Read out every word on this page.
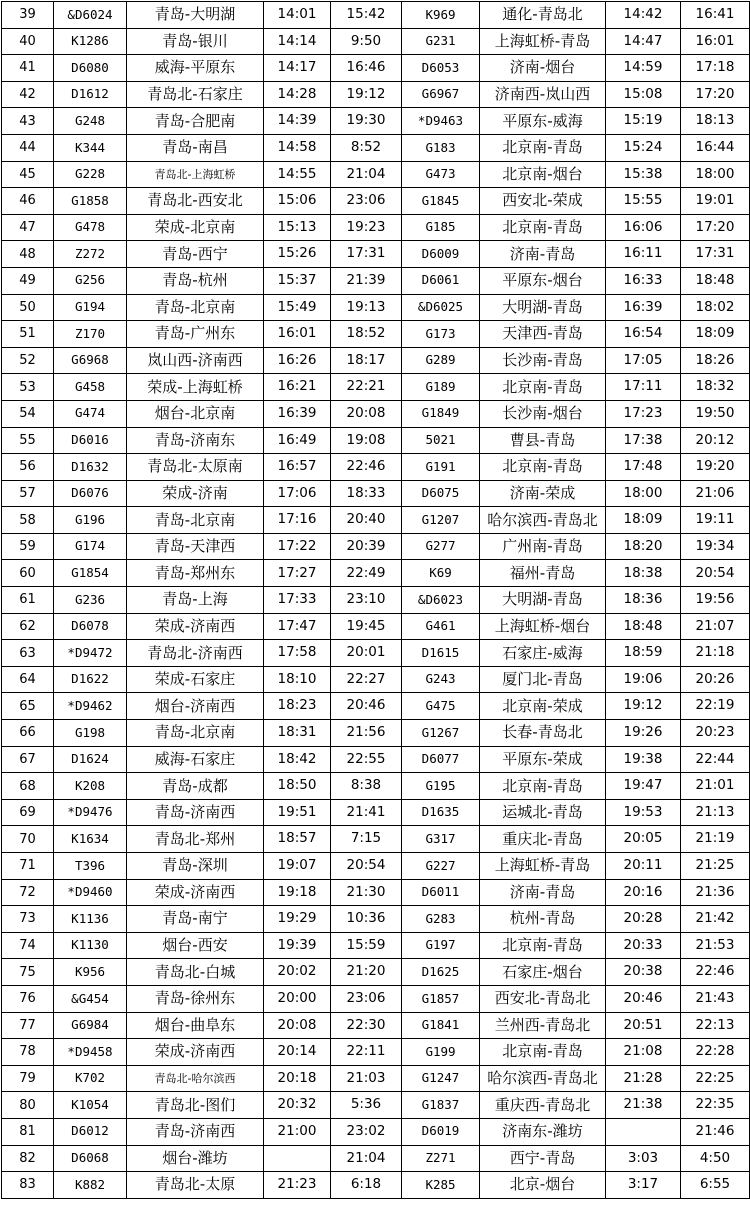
39	&D6024	青岛-大明湖	14:01	15:42	K969	通化-青岛北	14:42	16:41
40	K1286	青岛-银川	14:14	9:50	G231	上海虹桥-青岛	14:47	16:01
41	D6080	威海-平原东	14:17	16:46	D6053	济南-烟台	14:59	17:18
42	D1612	青岛北-石家庄	14:28	19:12	G6967	济南西-岚山西	15:08	17:20
43	G248	青岛-合肥南	14:39	19:30	*D9463	平原东-威海	15:19	18:13
44	K344	青岛-南昌	14:58	8:52	G183	北京南-青岛	15:24	16:44
45	G228	青岛北-上海虹桥	14:55	21:04	G473	北京南-烟台	15:38	18:00
46	G1858	青岛北-西安北	15:06	23:06	G1845	西安北-荣成	15:55	19:01
47	G478	荣成-北京南	15:13	19:23	G185	北京南-青岛	16:06	17:20
48	Z272	青岛-西宁	15:26	17:31	D6009	济南-青岛	16:11	17:31
49	G256	青岛-杭州	15:37	21:39	D6061	平原东-烟台	16:33	18:48
50	G194	青岛-北京南	15:49	19:13	&D6025	大明湖-青岛	16:39	18:02
51	Z170	青岛-广州东	16:01	18:52	G173	天津西-青岛	16:54	18:09
52	G6968	岚山西-济南西	16:26	18:17	G289	长沙南-青岛	17:05	18:26
53	G458	荣成-上海虹桥	16:21	22:21	G189	北京南-青岛	17:11	18:32
54	G474	烟台-北京南	16:39	20:08	G1849	长沙南-烟台	17:23	19:50
55	D6016	青岛-济南东	16:49	19:08	5021	曹县-青岛	17:38	20:12
56	D1632	青岛北-太原南	16:57	22:46	G191	北京南-青岛	17:48	19:20
57	D6076	荣成-济南	17:06	18:33	D6075	济南-荣成	18:00	21:06
58	G196	青岛-北京南	17:16	20:40	G1207	哈尔滨西-青岛北	18:09	19:11
59	G174	青岛-天津西	17:22	20:39	G277	广州南-青岛	18:20	19:34
60	G1854	青岛-郑州东	17:27	22:49	K69	福州-青岛	18:38	20:54
61	G236	青岛-上海	17:33	23:10	&D6023	大明湖-青岛	18:36	19:56
62	D6078	荣成-济南西	17:47	19:45	G461	上海虹桥-烟台	18:48	21:07
63	*D9472	青岛北-济南西	17:58	20:01	D1615	石家庄-威海	18:59	21:18
64	D1622	荣成-石家庄	18:10	22:27	G243	厦门北-青岛	19:06	20:26
65	*D9462	烟台-济南西	18:23	20:46	G475	北京南-荣成	19:12	22:19
66	G198	青岛-北京南	18:31	21:56	G1267	长春-青岛北	19:26	20:23
67	D1624	威海-石家庄	18:42	22:55	D6077	平原东-荣成	19:38	22:44
68	K208	青岛-成都	18:50	8:38	G195	北京南-青岛	19:47	21:01
69	*D9476	青岛-济南西	19:51	21:41	D1635	运城北-青岛	19:53	21:13
70	K1634	青岛北-郑州	18:57	7:15	G317	重庆北-青岛	20:05	21:19
71	T396	青岛-深圳	19:07	20:54	G227	上海虹桥-青岛	20:11	21:25
72	*D9460	荣成-济南西	19:18	21:30	D6011	济南-青岛	20:16	21:36
73	K1136	青岛-南宁	19:29	10:36	G283	杭州-青岛	20:28	21:42
74	K1130	烟台-西安	19:39	15:59	G197	北京南-青岛	20:33	21:53
75	K956	青岛北-白城	20:02	21:20	D1625	石家庄-烟台	20:38	22:46
76	&G454	青岛-徐州东	20:00	23:06	G1857	西安北-青岛北	20:46	21:43
77	G6984	烟台-曲阜东	20:08	22:30	G1841	兰州西-青岛北	20:51	22:13
78	*D9458	荣成-济南西	20:14	22:11	G199	北京南-青岛	21:08	22:28
79	K702	青岛北-哈尔滨西	20:18	21:03	G1247	哈尔滨西-青岛北	21:28	22:25
80	K1054	青岛北-图们	20:32	5:36	G1837	重庆西-青岛北	21:38	22:35
81	D6012	青岛-济南西	21:00	23:02	D6019	济南东-潍坊		21:46
82	D6068	烟台-潍坊		21:04	Z271	西宁-青岛	3:03	4:50
83	K882	青岛北-太原	21:23	6:18	K285	北京-烟台	3:17	6:55
